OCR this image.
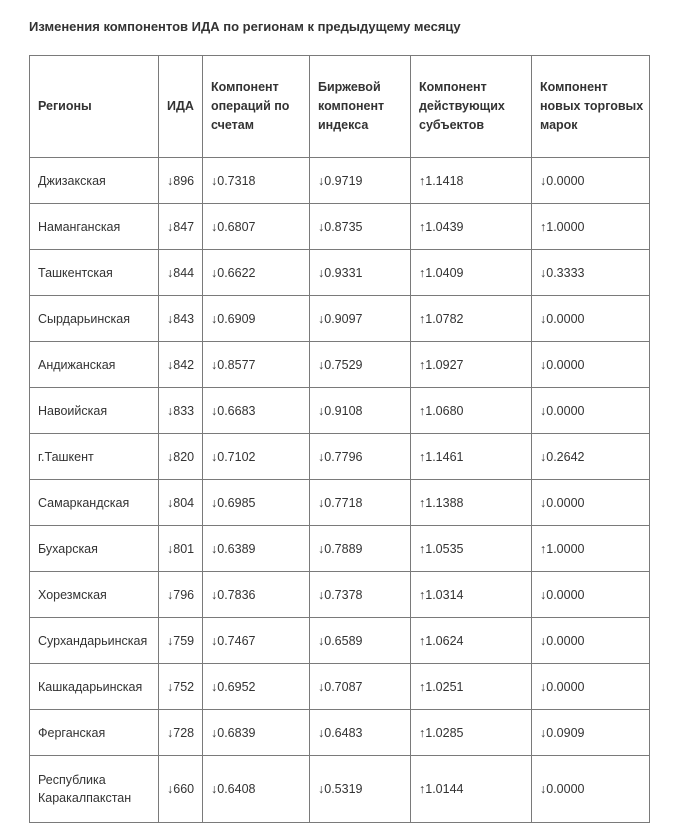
Изменения компонентов ИДА по регионам к предыдущему месяцу
Регионы	ИДА	Компонент операций по счетам	Биржевой компонент индекса	Компонент действующих субъектов	Компонент новых торговых марок
Джизакская	↓896	↓0.7318	↓0.9719	↑1.1418	↓0.0000
Наманганская	↓847	↓0.6807	↓0.8735	↑1.0439	↑1.0000
Ташкентская	↓844	↓0.6622	↓0.9331	↑1.0409	↓0.3333
Сырдарьинская	↓843	↓0.6909	↓0.9097	↑1.0782	↓0.0000
Андижанская	↓842	↓0.8577	↓0.7529	↑1.0927	↓0.0000
Навоийская	↓833	↓0.6683	↓0.9108	↑1.0680	↓0.0000
г.Ташкент	↓820	↓0.7102	↓0.7796	↑1.1461	↓0.2642
Самаркандская	↓804	↓0.6985	↓0.7718	↑1.1388	↓0.0000
Бухарская	↓801	↓0.6389	↓0.7889	↑1.0535	↑1.0000
Хорезмская	↓796	↓0.7836	↓0.7378	↑1.0314	↓0.0000
Сурхандарьинская	↓759	↓0.7467	↓0.6589	↑1.0624	↓0.0000
Кашкадарьинская	↓752	↓0.6952	↓0.7087	↑1.0251	↓0.0000
Ферганская	↓728	↓0.6839	↓0.6483	↑1.0285	↓0.0909
Республика Каракалпакстан	↓660	↓0.6408	↓0.5319	↑1.0144	↓0.0000
